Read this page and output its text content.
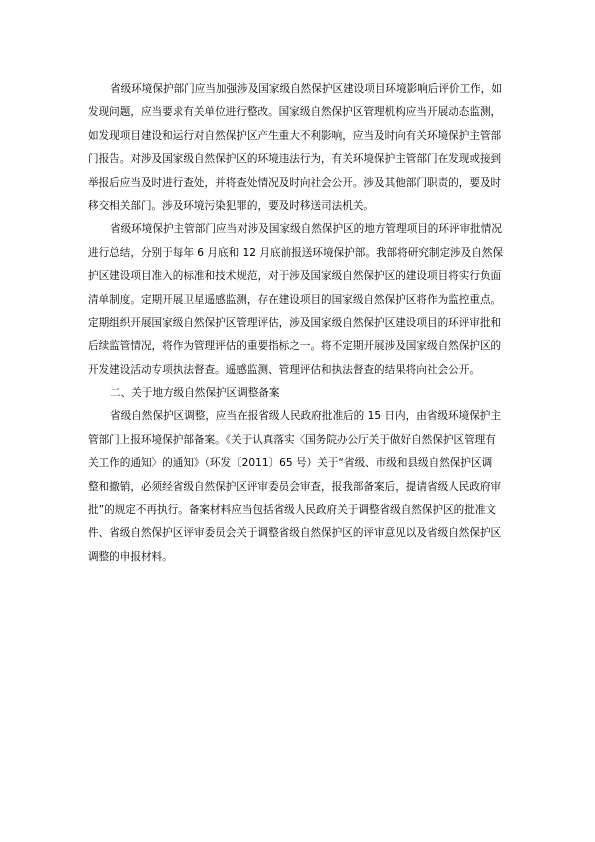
省级环境保护部门应当加强涉及国家级自然保护区建设项目环境影响后评价工作，如
发现问题，应当要求有关单位进行整改。国家级自然保护区管理机构应当开展动态监测，
如发现项目建设和运行对自然保护区产生重大不利影响，应当及时向有关环境保护主管部
门报告。对涉及国家级自然保护区的环境违法行为，有关环境保护主管部门在发现或接到
举报后应当及时进行查处，并将查处情况及时向社会公开。涉及其他部门职责的，要及时
移交相关部门。涉及环境污染犯罪的，要及时移送司法机关。

省级环境保护主管部门应当对涉及国家级自然保护区的地方管理项目的环评审批情况
进行总结，分别于每年 6 月底和 12 月底前报送环境保护部。我部将研究制定涉及自然保
护区建设项目准入的标准和技术规范，对于涉及国家级自然保护区的建设项目将实行负面
清单制度。定期开展卫星遥感监测，存在建设项目的国家级自然保护区将作为监控重点。
定期组织开展国家级自然保护区管理评估，涉及国家级自然保护区建设项目的环评审批和
后续监管情况，将作为管理评估的重要指标之一。将不定期开展涉及国家级自然保护区的
开发建设活动专项执法督查。遥感监测、管理评估和执法督查的结果将向社会公开。

二、关于地方级自然保护区调整备案

省级自然保护区调整，应当在报省级人民政府批准后的 15 日内，由省级环境保护主
管部门上报环境保护部备案。《关于认真落实〈国务院办公厅关于做好自然保护区管理有
关工作的通知〉的通知》（环发〔2011〕65 号）关于“省级、市级和县级自然保护区调
整和撤销，必须经省级自然保护区评审委员会审查，报我部备案后，提请省级人民政府审
批”的规定不再执行。备案材料应当包括省级人民政府关于调整省级自然保护区的批准文
件、省级自然保护区评审委员会关于调整省级自然保护区的评审意见以及省级自然保护区
调整的申报材料。
